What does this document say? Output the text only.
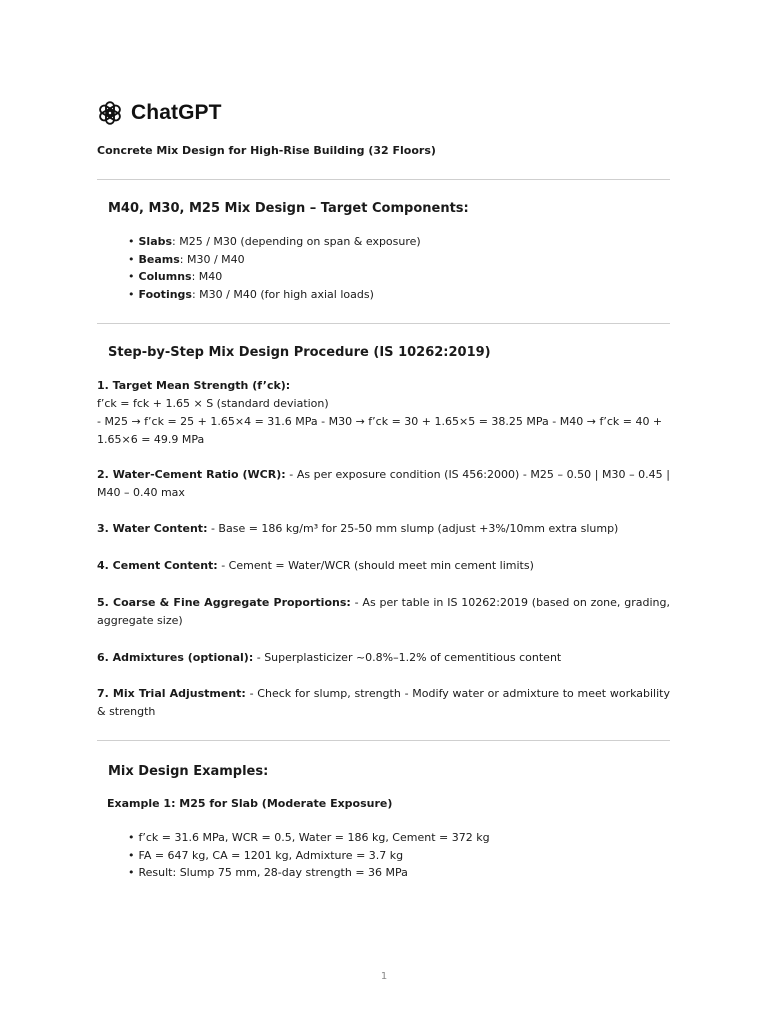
ChatGPT
Concrete Mix Design for High-Rise Building (32 Floors)
M40, M30, M25 Mix Design – Target Components:
• Slabs: M25 / M30 (depending on span & exposure)
• Beams: M30 / M40
• Columns: M40
• Footings: M30 / M40 (for high axial loads)
Step-by-Step Mix Design Procedure (IS 10262:2019)
1. Target Mean Strength (f’ck):
f’ck = fck + 1.65 × S (standard deviation)
- M25 → f’ck = 25 + 1.65×4 = 31.6 MPa - M30 → f’ck = 30 + 1.65×5 = 38.25 MPa - M40 → f’ck = 40 + 1.65×6 = 49.9 MPa

2. Water-Cement Ratio (WCR): - As per exposure condition (IS 456:2000) - M25 – 0.50 | M30 – 0.45 | M40 – 0.40 max

3. Water Content: - Base = 186 kg/m³ for 25-50 mm slump (adjust +3%/10mm extra slump)

4. Cement Content: - Cement = Water/WCR (should meet min cement limits)

5. Coarse & Fine Aggregate Proportions: - As per table in IS 10262:2019 (based on zone, grading, aggregate size)

6. Admixtures (optional): - Superplasticizer ~0.8%–1.2% of cementitious content

7. Mix Trial Adjustment: - Check for slump, strength - Modify water or admixture to meet workability & strength

Mix Design Examples:
Example 1: M25 for Slab (Moderate Exposure)
• f’ck = 31.6 MPa, WCR = 0.5, Water = 186 kg, Cement = 372 kg
• FA = 647 kg, CA = 1201 kg, Admixture = 3.7 kg
• Result: Slump 75 mm, 28-day strength = 36 MPa
1
